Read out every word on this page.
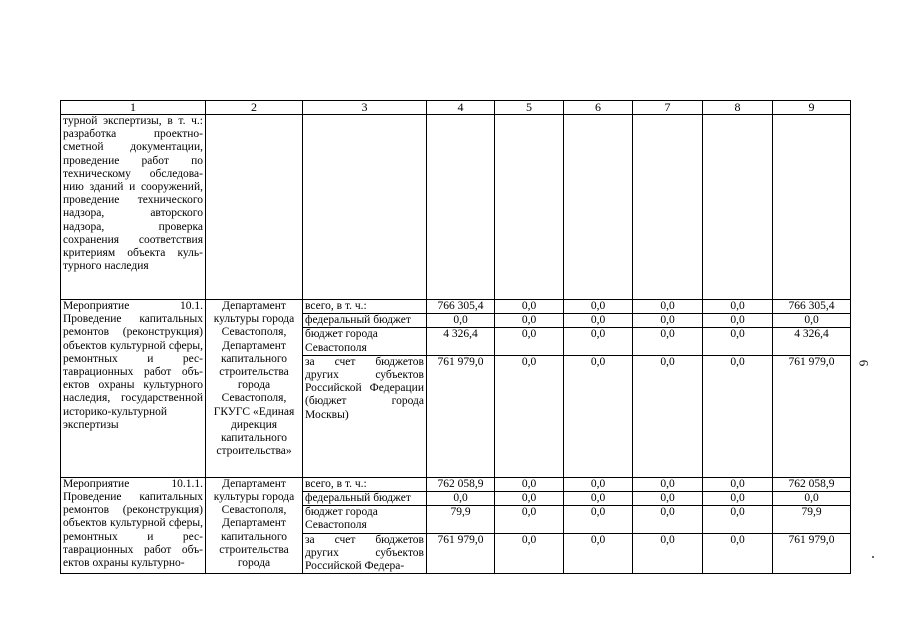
1	2	3	4	5	6	7	8	9
турной экспертизы, в т. ч.: разработка проектно-сметной документации, проведение работ по техническому обследованию зданий и сооружений, проведение технического надзора, авторского надзора, проверка сохранения соответствия критериям объекта культурного наследия								
Мероприятие 10.1. Проведение капитальных ремонтов (реконструкция) объектов культурной сферы, ремонтных и реставрационных работ объектов охраны культурного наследия, государственной историко-культурной экспертизы	Департамент культуры города Севастополя, Департамент капитального строительства города Севастополя, ГКУГС «Единая дирекция капитального строительства»	всего, в т. ч.:	766 305,4	0,0	0,0	0,0	0,0	766 305,4
		федеральный бюджет	0,0	0,0	0,0	0,0	0,0	0,0
		бюджет города Севастополя	4 326,4	0,0	0,0	0,0	0,0	4 326,4
		за счет бюджетов других субъектов Российской Федерации (бюджет города Москвы)	761 979,0	0,0	0,0	0,0	0,0	761 979,0
Мероприятие 10.1.1. Проведение капитальных ремонтов (реконструкция) объектов культурной сферы, ремонтных и реставрационных работ объектов охраны культурно-	Департамент культуры города Севастополя, Департамент капитального строительства города	всего, в т. ч.:	762 058,9	0,0	0,0	0,0	0,0	762 058,9
		федеральный бюджет	0,0	0,0	0,0	0,0	0,0	0,0
		бюджет города Севастополя	79,9	0,0	0,0	0,0	0,0	79,9
		за счет бюджетов других субъектов Российской Федера-	761 979,0	0,0	0,0	0,0	0,0	761 979,0
6
